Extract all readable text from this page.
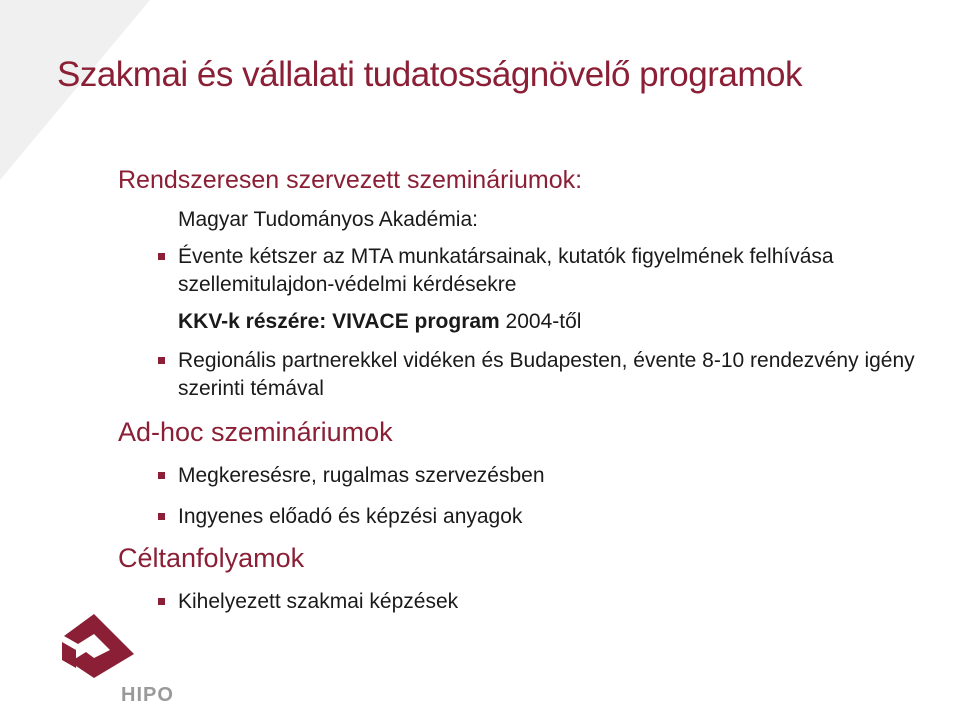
Szakmai és vállalati tudatosságnövelő programok
Rendszeresen szervezett szemináriumok:
Magyar Tudományos Akadémia:
Évente kétszer az MTA munkatársainak, kutatók figyelmének felhívása szellemitulajdon-védelmi kérdésekre
KKV-k részére: VIVACE program 2004-től
Regionális partnerekkel vidéken és Budapesten, évente 8-10 rendezvény igény szerinti témával
Ad-hoc szemináriumok
Megkeresésre, rugalmas szervezésben
Ingyenes előadó és képzési anyagok
Céltanfolyamok
Kihelyezett szakmai képzések
HIPO
